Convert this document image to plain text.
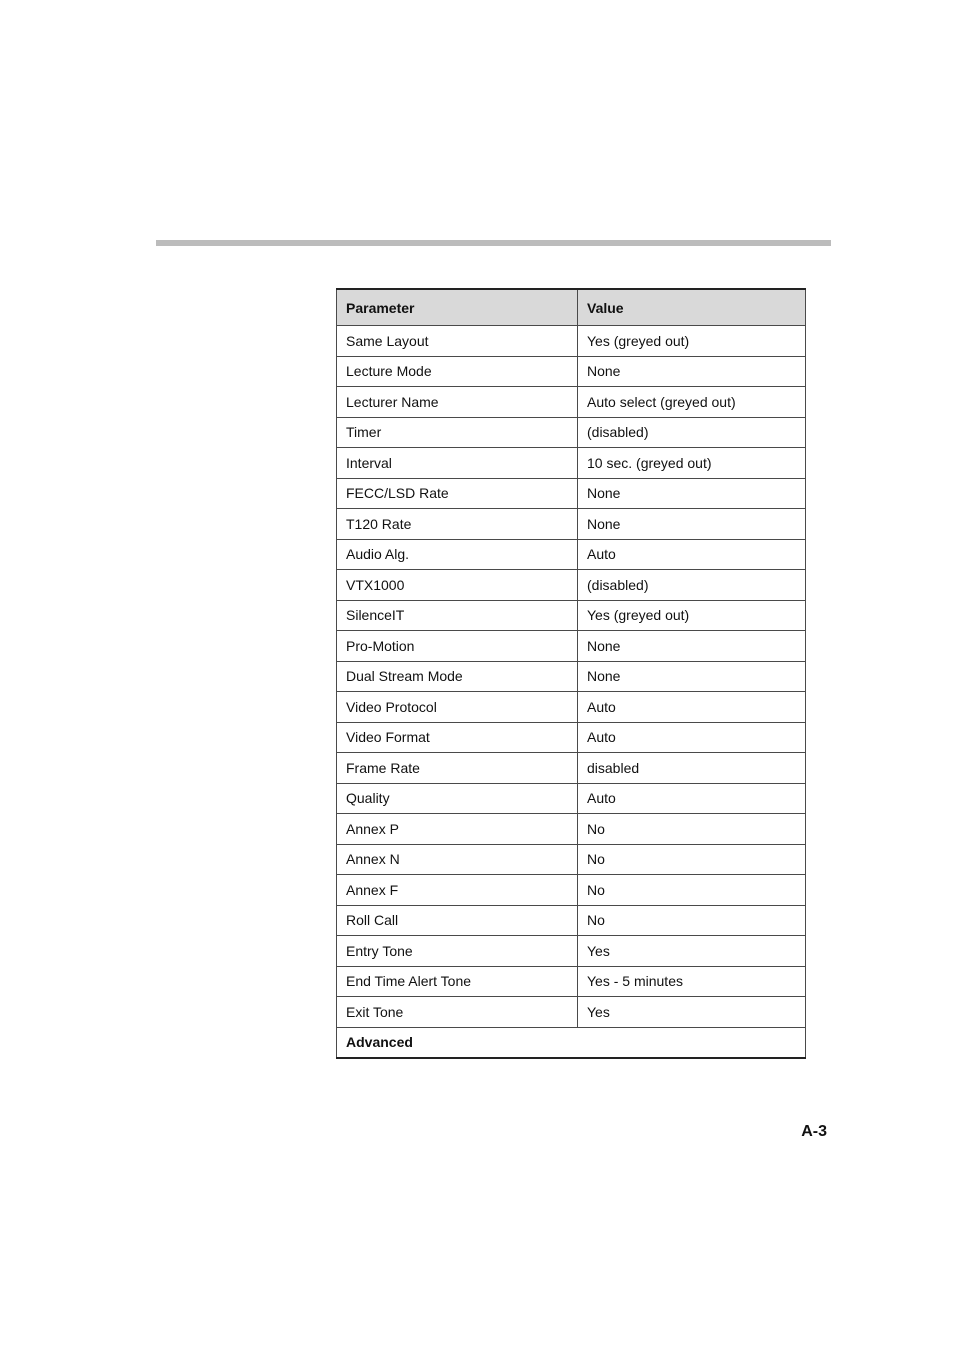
Parameter	Value
Same Layout	Yes (greyed out)
Lecture Mode	None
Lecturer Name	Auto select (greyed out)
Timer	(disabled)
Interval	10 sec. (greyed out)
FECC/LSD Rate	None
T120 Rate	None
Audio Alg.	Auto
VTX1000	(disabled)
SilenceIT	Yes (greyed out)
Pro-Motion	None
Dual Stream Mode	None
Video Protocol	Auto
Video Format	Auto
Frame Rate	disabled
Quality	Auto
Annex P	No
Annex N	No
Annex F	No
Roll Call	No
Entry Tone	Yes
End Time Alert Tone	Yes - 5 minutes
Exit Tone	Yes
Advanced	
A-3
